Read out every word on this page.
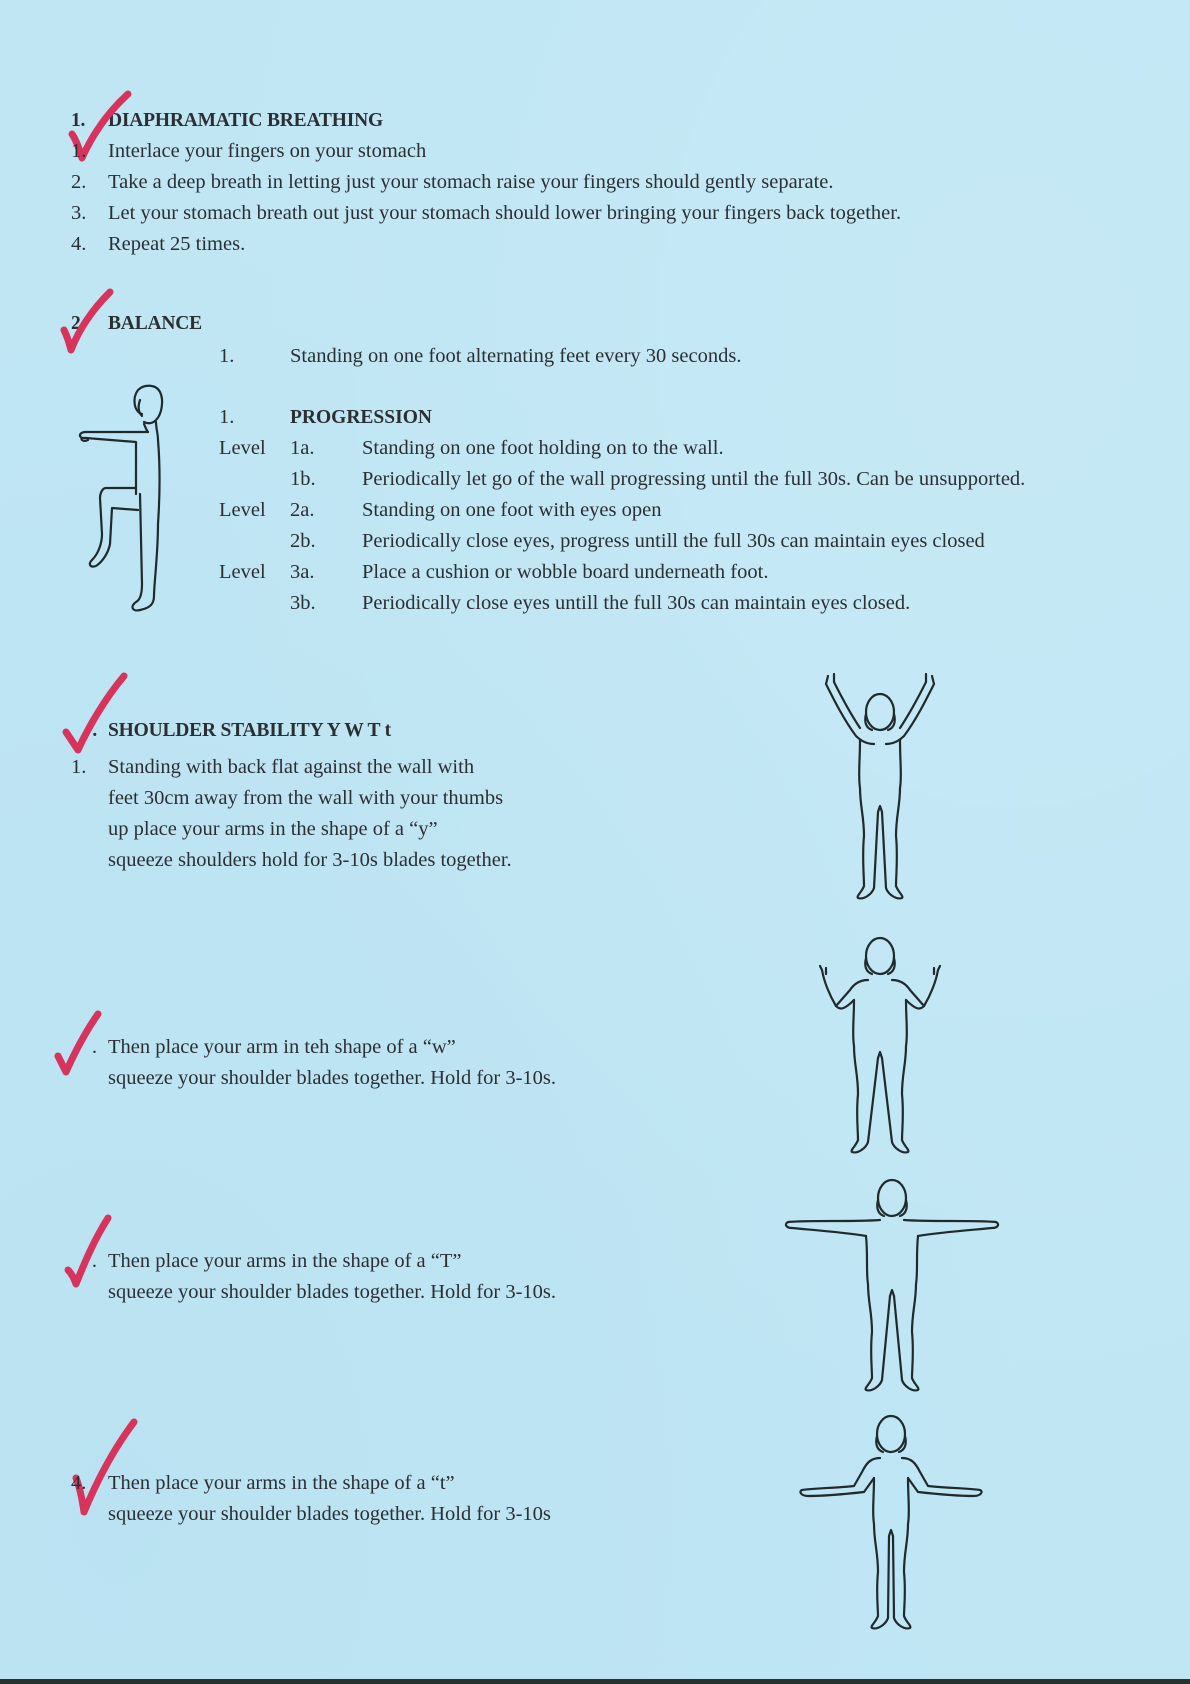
1. DIAPHRAMATIC BREATHING
1. Interlace your fingers on your stomach
2. Take a deep breath in letting just your stomach raise your fingers should gently separate.
3. Let your stomach breath out just your stomach should lower bringing your fingers back together.
4. Repeat 25 times.
2. BALANCE
1.	Standing on one foot alternating feet every 30 seconds.
1.	PROGRESSION
Level 1a. Standing on one foot holding on to the wall.
1b. Periodically let go of the wall progressing until the full 30s. Can be unsupported.
Level 2a. Standing on one foot with eyes open
2b. Periodically close eyes, progress untill the full 30s can maintain eyes closed
Level 3a. Place a cushion or wobble board underneath foot.
3b. Periodically close eyes untill the full 30s can maintain eyes closed.
. SHOULDER STABILITY Y W T t
1. Standing with back flat against the wall with
feet 30cm away from the wall with your thumbs
up place your arms in the shape of a “y”
squeeze shoulders hold for 3-10s blades together.
. Then place your arm in teh shape of a “w”
squeeze your shoulder blades together. Hold for 3-10s.
. Then place your arms in the shape of a “T”
squeeze your shoulder blades together. Hold for 3-10s.
4. Then place your arms in the shape of a “t”
squeeze your shoulder blades together. Hold for 3-10s
